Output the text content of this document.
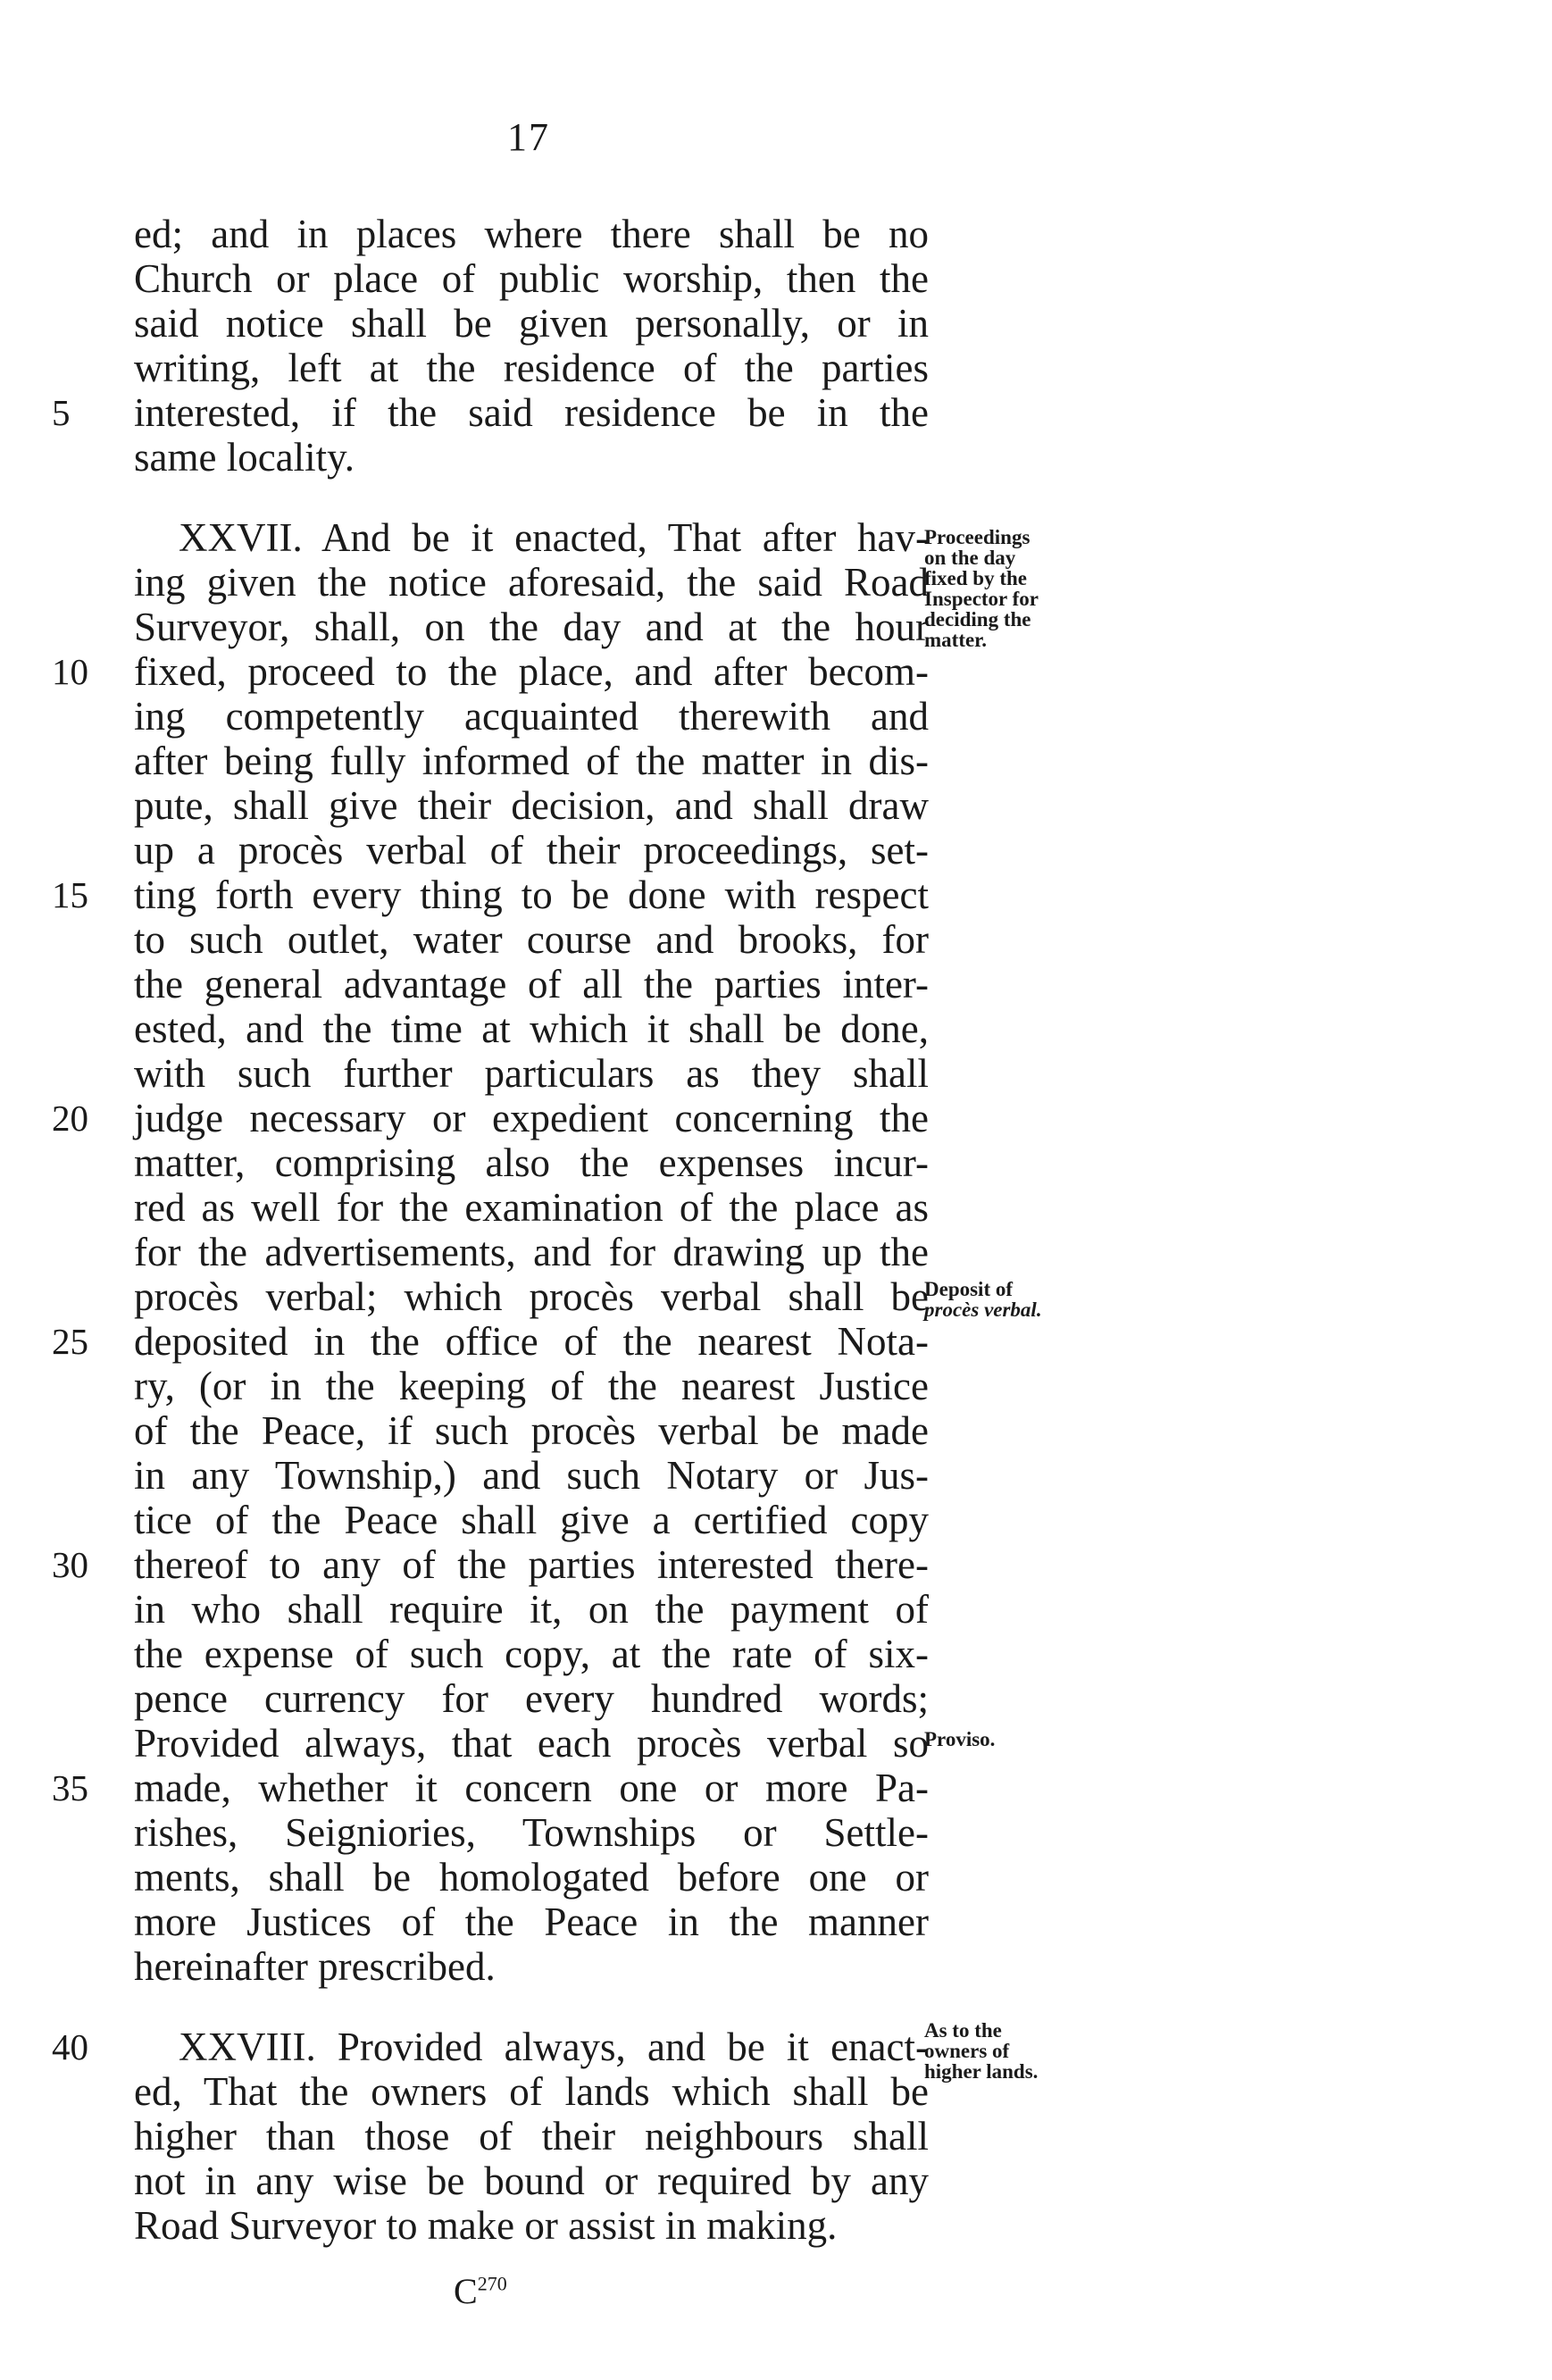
17
5
ed; and in places where there shall be no
Church or place of public worship, then the
said notice shall be given personally, or in
writing, left at the residence of the parties
interested, if the said residence be in the
same locality.
XXVII. And be it enacted, That after hav-
ing given the notice aforesaid, the said Road
Surveyor, shall, on the day and at the hour
10	fixed, proceed to the place, and after becom-
ing competently acquainted therewith and
after being fully informed of the matter in dis-
pute, shall give their decision, and shall draw
up a procès verbal of their proceedings, set-
15	ting forth every thing to be done with respect
to such outlet, water course and brooks, for
the general advantage of all the parties inter-
ested, and the time at which it shall be done,
with such further particulars as they shall
20	judge necessary or expedient concerning the
matter, comprising also the expenses incur-
red as well for the examination of the place as
for the advertisements, and for drawing up the
procès verbal; which procès verbal shall be
25	deposited in the office of the nearest Nota-
ry, (or in the keeping of the nearest Justice
of the Peace, if such procès verbal be made
in any Township,) and such Notary or Jus-
tice of the Peace shall give a certified copy
30	thereof to any of the parties interested there-
in who shall require it, on the payment of
the expense of such copy, at the rate of six-
pence currency for every hundred words;
Provided always, that each procès verbal so
35	made, whether it concern one or more Pa-
rishes, Seigniories, Townships or Settle-
ments, shall be homologated before one or
more Justices of the Peace in the manner
hereinafter prescribed.
40	XXVIII. Provided always, and be it enact-
ed, That the owners of lands which shall be
higher than those of their neighbours shall
not in any wise be bound or required by any
Road Surveyor to make or assist in making.
Proceedings
on the day
fixed by the
Inspector for
deciding the
matter.
Deposit of
procès verbal.
Proviso.
As to the
owners of
higher lands.
$C^{270}$
